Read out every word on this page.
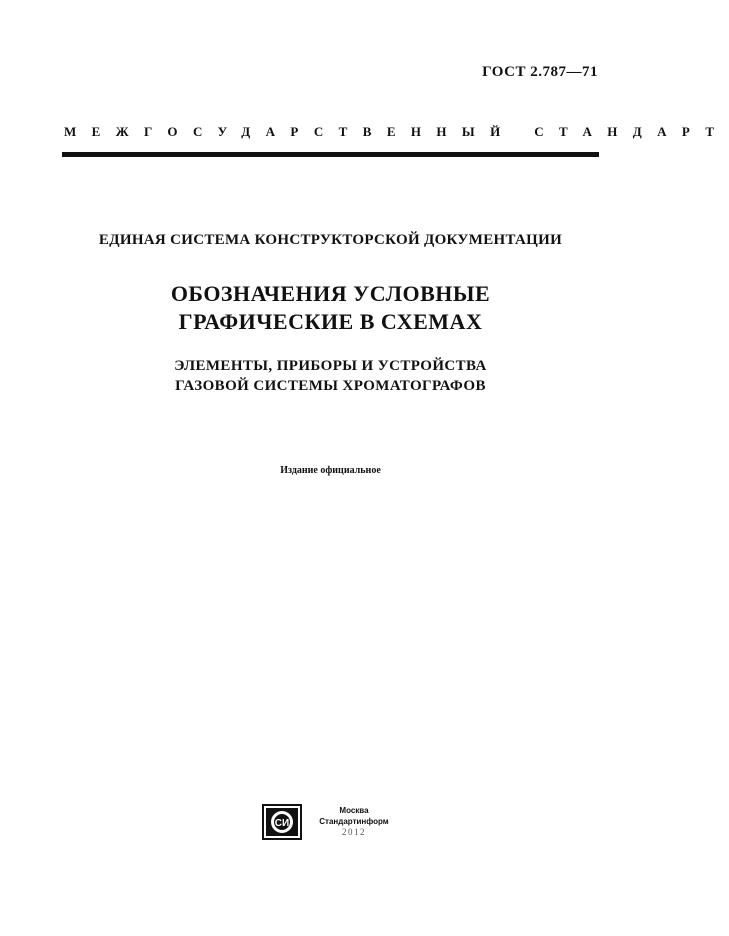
ГОСТ 2.787—71
МЕЖГОСУДАРСТВЕННЫЙ СТАНДАРТ
ЕДИНАЯ СИСТЕМА КОНСТРУКТОРСКОЙ ДОКУМЕНТАЦИИ
ОБОЗНАЧЕНИЯ УСЛОВНЫЕ
ГРАФИЧЕСКИЕ В СХЕМАХ
ЭЛЕМЕНТЫ, ПРИБОРЫ И УСТРОЙСТВА
ГАЗОВОЙ СИСТЕМЫ ХРОМАТОГРАФОВ
Издание официальное
СИ
Москва
Стандартинформ
2012
